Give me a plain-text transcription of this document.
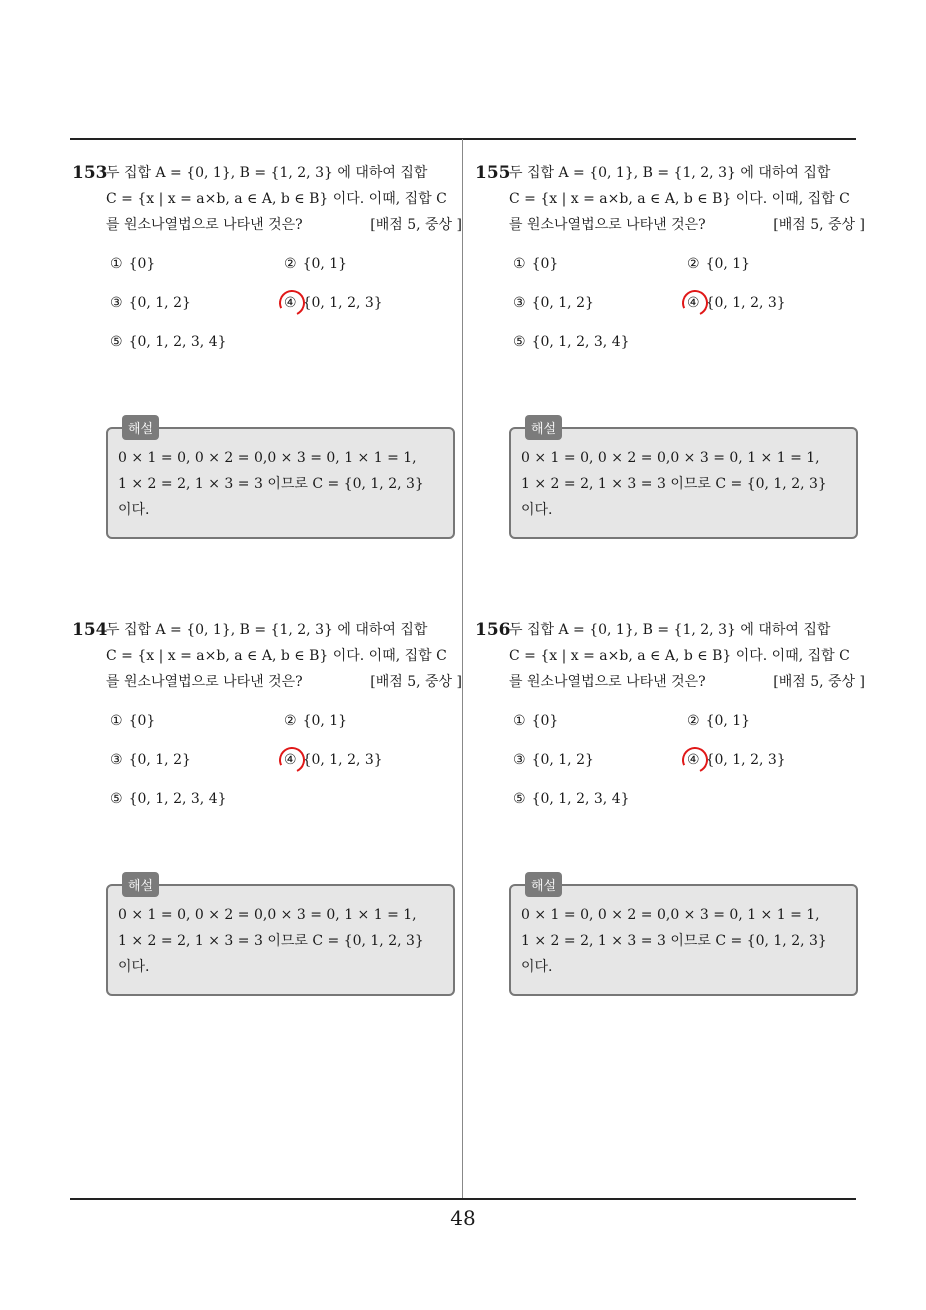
153
두 집합 A = {0, 1}, B = {1, 2, 3} 에 대하여 집합
C = {x | x = a×b, a ∈ A, b ∈ B} 이다. 이때, 집합 C
를 원소나열법으로 나타낸 것은?	[배점 5, 중상 ]
① {0}	② {0, 1}
③ {0, 1, 2}	④ {0, 1, 2, 3}
⑤ {0, 1, 2, 3, 4}
해설
0 × 1 = 0, 0 × 2 = 0,0 × 3 = 0, 1 × 1 = 1,
1 × 2 = 2, 1 × 3 = 3 이므로 C = {0, 1, 2, 3}
이다.
154
두 집합 A = {0, 1}, B = {1, 2, 3} 에 대하여 집합
C = {x | x = a×b, a ∈ A, b ∈ B} 이다. 이때, 집합 C
를 원소나열법으로 나타낸 것은?	[배점 5, 중상 ]
① {0}	② {0, 1}
③ {0, 1, 2}	④ {0, 1, 2, 3}
⑤ {0, 1, 2, 3, 4}
해설
0 × 1 = 0, 0 × 2 = 0,0 × 3 = 0, 1 × 1 = 1,
1 × 2 = 2, 1 × 3 = 3 이므로 C = {0, 1, 2, 3}
이다.
155
두 집합 A = {0, 1}, B = {1, 2, 3} 에 대하여 집합
C = {x | x = a×b, a ∈ A, b ∈ B} 이다. 이때, 집합 C
를 원소나열법으로 나타낸 것은?	[배점 5, 중상 ]
① {0}	② {0, 1}
③ {0, 1, 2}	④ {0, 1, 2, 3}
⑤ {0, 1, 2, 3, 4}
해설
0 × 1 = 0, 0 × 2 = 0,0 × 3 = 0, 1 × 1 = 1,
1 × 2 = 2, 1 × 3 = 3 이므로 C = {0, 1, 2, 3}
이다.
156
두 집합 A = {0, 1}, B = {1, 2, 3} 에 대하여 집합
C = {x | x = a×b, a ∈ A, b ∈ B} 이다. 이때, 집합 C
를 원소나열법으로 나타낸 것은?	[배점 5, 중상 ]
① {0}	② {0, 1}
③ {0, 1, 2}	④ {0, 1, 2, 3}
⑤ {0, 1, 2, 3, 4}
해설
0 × 1 = 0, 0 × 2 = 0,0 × 3 = 0, 1 × 1 = 1,
1 × 2 = 2, 1 × 3 = 3 이므로 C = {0, 1, 2, 3}
이다.
48
